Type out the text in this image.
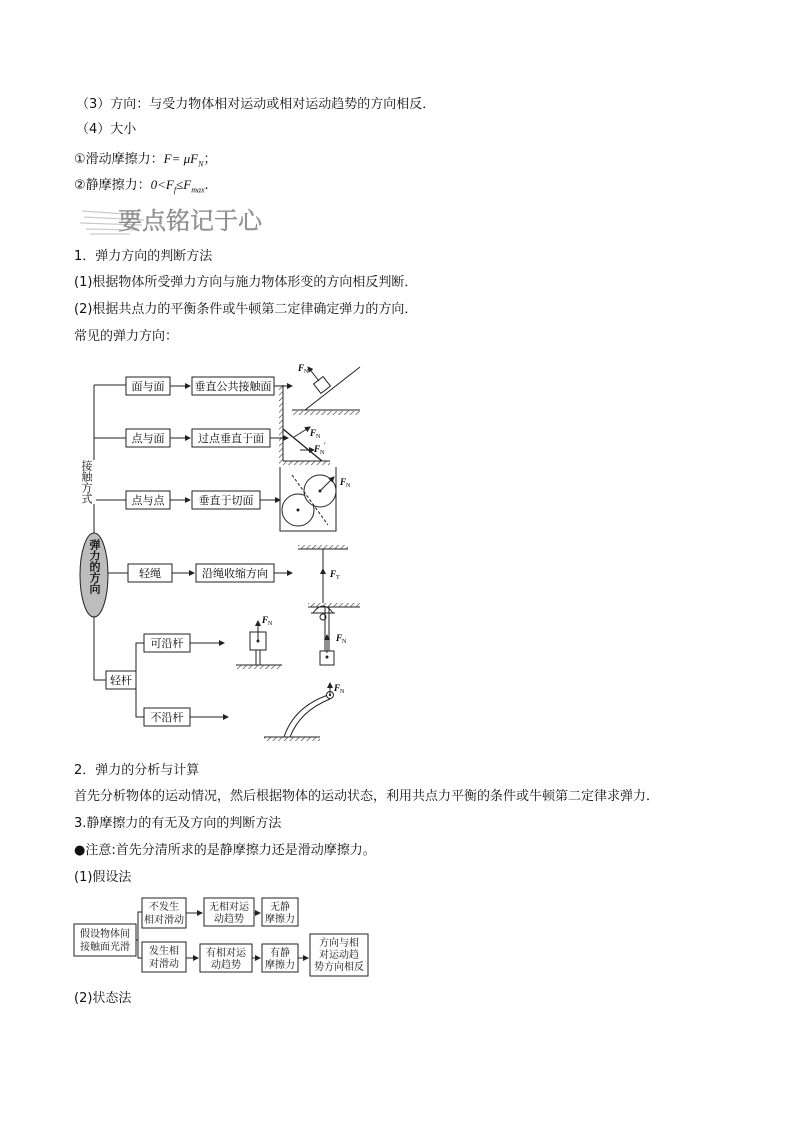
（3）方向：与受力物体相对运动或相对运动趋势的方向相反．
（4）大小
①滑动摩擦力：$F= \mu F_N$；
②静摩擦力：$0<F_f\le F_{max}$.
要点铭记于心
1．弹力方向的判断方法
(1)根据物体所受弹力方向与施力物体形变的方向相反判断．
(2)根据共点力的平衡条件或牛顿第二定律确定弹力的方向．
常见的弹力方向：
弹力的方向
接触方式
面与面	垂直公共接触面
F N
点与面	过点垂直于面	F N
F N
′
点与点	垂直于切面
F N
轻绳	沿绳收缩方向	F T
轻杆
可沿杆
不沿杆
F N
F N
F N
2．弹力的分析与计算
首先分析物体的运动情况，然后根据物体的运动状态，利用共点力平衡的条件或牛顿第二定律求弹力．
3.静摩擦力的有无及方向的判断方法
●注意:首先分清所求的是静摩擦力还是滑动摩擦力。
(1)假设法
假设物体间
接触面光滑
不发生
相对滑动
无相对运
动趋势
无静
摩擦力
发生相
对滑动
有相对运
动趋势
有静
摩擦力
方向与相
对运动趋
势方向相反
(2)状态法
